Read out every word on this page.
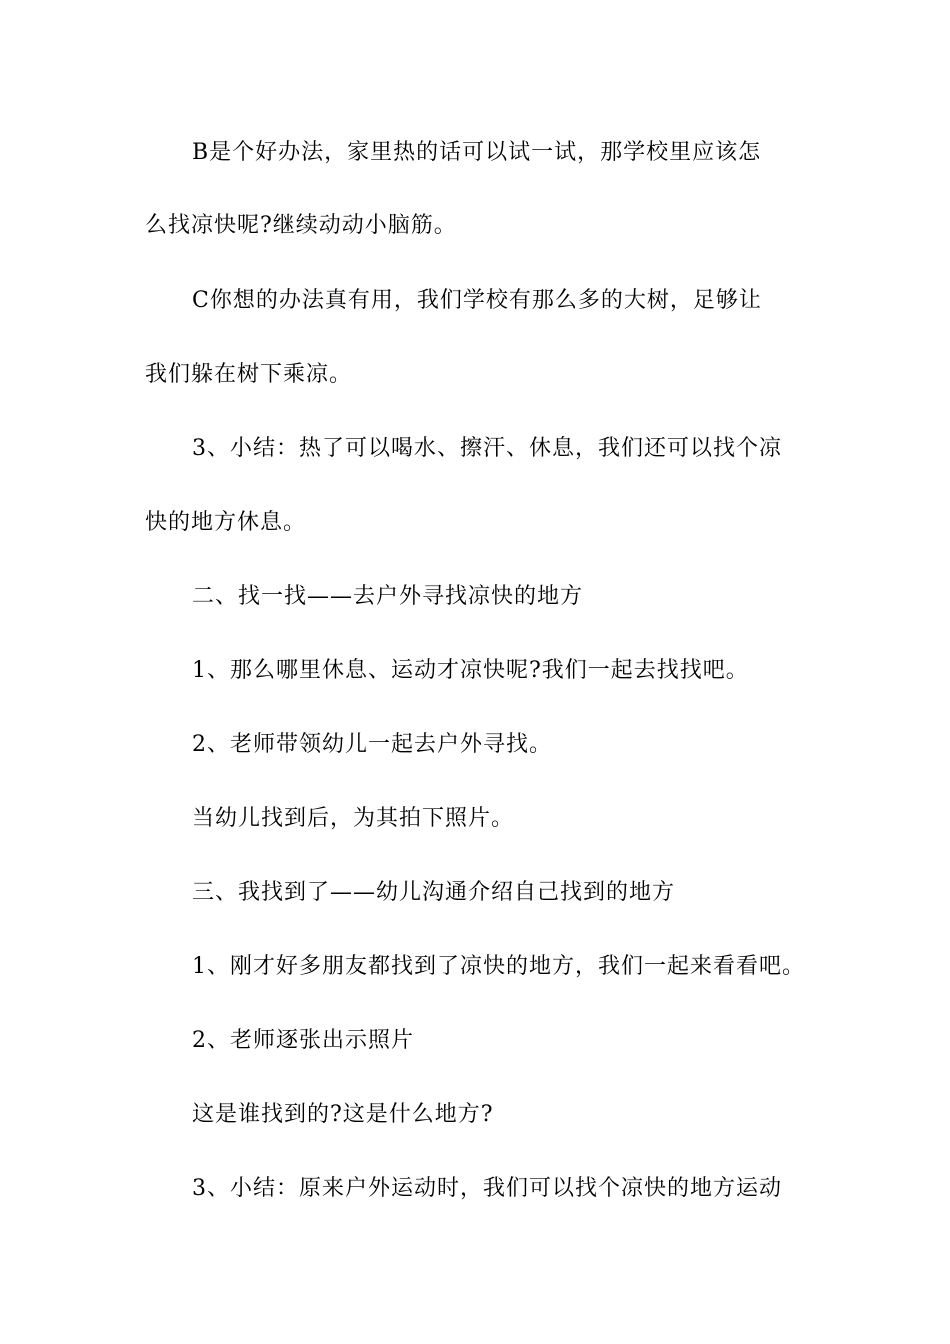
B是个好办法，家里热的话可以试一试，那学校里应该怎

么找凉快呢?继续动动小脑筋。

C你想的办法真有用，我们学校有那么多的大树，足够让

我们躲在树下乘凉。

3、小结：热了可以喝水、擦汗、休息，我们还可以找个凉

快的地方休息。

二、找一找——去户外寻找凉快的地方

1、那么哪里休息、运动才凉快呢?我们一起去找找吧。

2、老师带领幼儿一起去户外寻找。

当幼儿找到后，为其拍下照片。

三、我找到了——幼儿沟通介绍自己找到的地方

1、刚才好多朋友都找到了凉快的地方，我们一起来看看吧。

2、老师逐张出示照片

这是谁找到的?这是什么地方?

3、小结：原来户外运动时，我们可以找个凉快的地方运动
